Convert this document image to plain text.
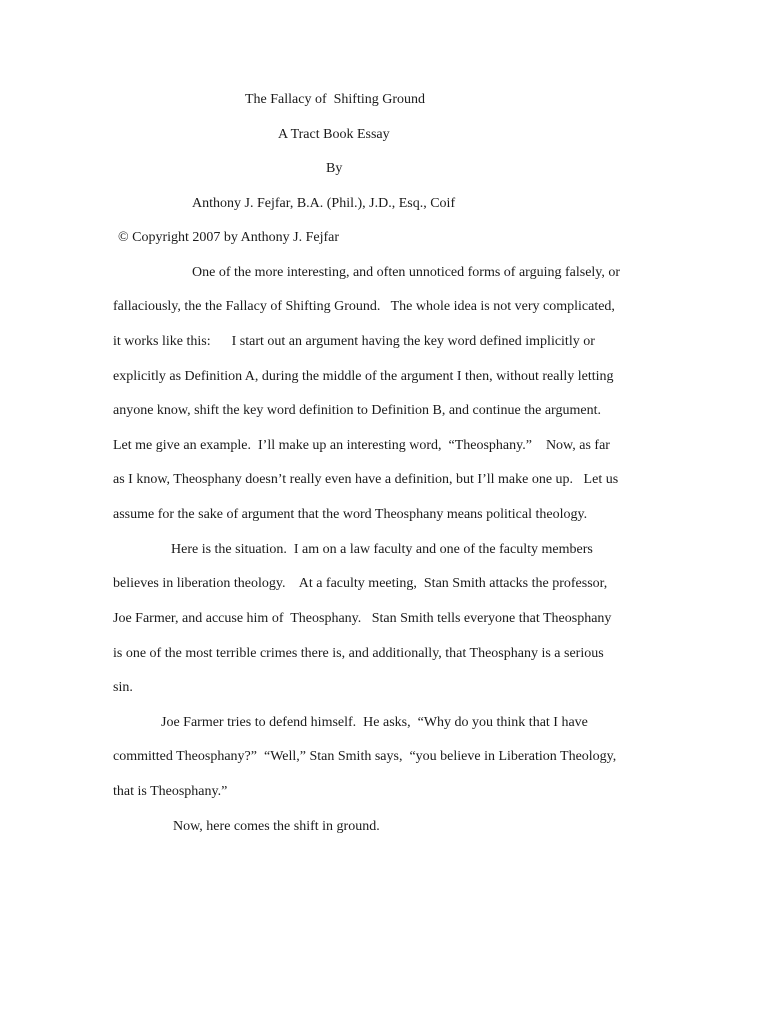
The Fallacy of  Shifting Ground

A Tract Book Essay

By

Anthony J. Fejfar, B.A. (Phil.), J.D., Esq., Coif

© Copyright 2007 by Anthony J. Fejfar

One of the more interesting, and often unnoticed forms of arguing falsely, or

fallaciously, the the Fallacy of Shifting Ground.   The whole idea is not very complicated,

it works like this:      I start out an argument having the key word defined implicitly or

explicitly as Definition A, during the middle of the argument I then, without really letting

anyone know, shift the key word definition to Definition B, and continue the argument.

Let me give an example.  I’ll make up an interesting word,  “Theosphany.”    Now, as far

as I know, Theosphany doesn’t really even have a definition, but I’ll make one up.   Let us

assume for the sake of argument that the word Theosphany means political theology.

Here is the situation.  I am on a law faculty and one of the faculty members

believes in liberation theology.    At a faculty meeting,  Stan Smith attacks the professor,

Joe Farmer, and accuse him of  Theosphany.   Stan Smith tells everyone that Theosphany

is one of the most terrible crimes there is, and additionally, that Theosphany is a serious

sin.

Joe Farmer tries to defend himself.  He asks,  “Why do you think that I have

committed Theosphany?”  “Well,” Stan Smith says,  “you believe in Liberation Theology,

that is Theosphany.”

Now, here comes the shift in ground.
